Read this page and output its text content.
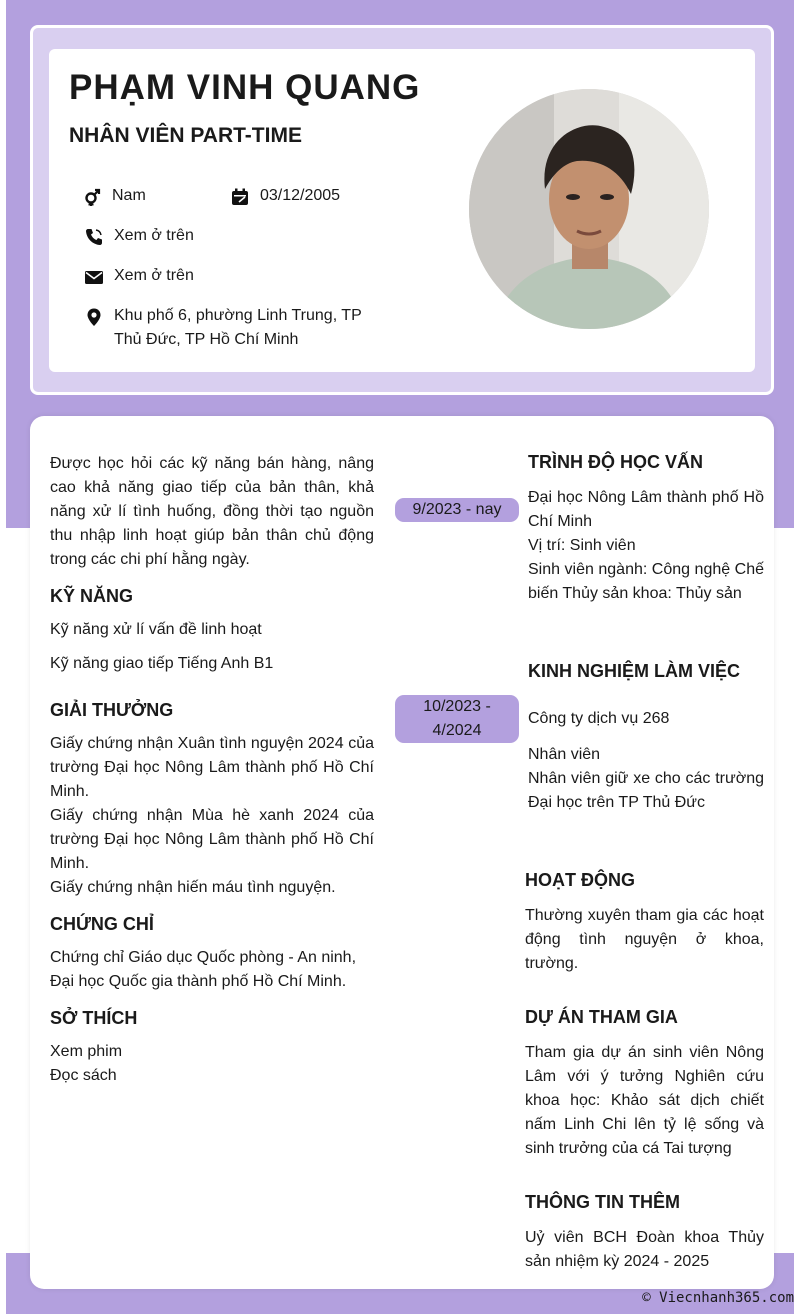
PHẠM VINH QUANG
NHÂN VIÊN PART-TIME
Nam	03/12/2005
Xem ở trên
Xem ở trên
Khu phố 6, phường Linh Trung, TP Thủ Đức, TP Hồ Chí Minh

Được học hỏi các kỹ năng bán hàng, nâng cao khả năng giao tiếp của bản thân, khả năng xử lí tình huống, đồng thời tạo nguồn thu nhập linh hoạt giúp bản thân chủ động trong các chi phí hằng ngày.

KỸ NĂNG

Kỹ năng xử lí vấn đề linh hoạt

Kỹ năng giao tiếp Tiếng Anh B1

GIẢI THƯỞNG

Giấy chứng nhận Xuân tình nguyện 2024 của trường Đại học Nông Lâm thành phố Hồ Chí Minh.

Giấy chứng nhận Mùa hè xanh 2024 của trường Đại học Nông Lâm thành phố Hồ Chí Minh.

Giấy chứng nhận hiến máu tình nguyện.

CHỨNG CHỈ

Chứng chỉ Giáo dục Quốc phòng - An ninh, Đại học Quốc gia thành phố Hồ Chí Minh.

SỞ THÍCH

Xem phim

Đọc sách

9/2023 - nay
10/2023 -
4/2024
TRÌNH ĐỘ HỌC VẤN

Đại học Nông Lâm thành phố Hồ Chí Minh

Vị trí: Sinh viên

Sinh viên ngành: Công nghệ Chế biến Thủy sản khoa: Thủy sản

KINH NGHIỆM LÀM VIỆC

Công ty dịch vụ 268

Nhân viên

Nhân viên giữ xe cho các trường Đại học trên TP Thủ Đức

HOẠT ĐỘNG

Thường xuyên tham gia các hoạt động tình nguyện ở khoa, trường.

DỰ ÁN THAM GIA

Tham gia dự án sinh viên Nông Lâm với ý tưởng Nghiên cứu khoa học: Khảo sát dịch chiết nấm Linh Chi lên tỷ lệ sống và sinh trưởng của cá Tai tượng

THÔNG TIN THÊM

Uỷ viên BCH Đoàn khoa Thủy sản nhiệm kỳ 2024 - 2025

© Viecnhanh365.com
